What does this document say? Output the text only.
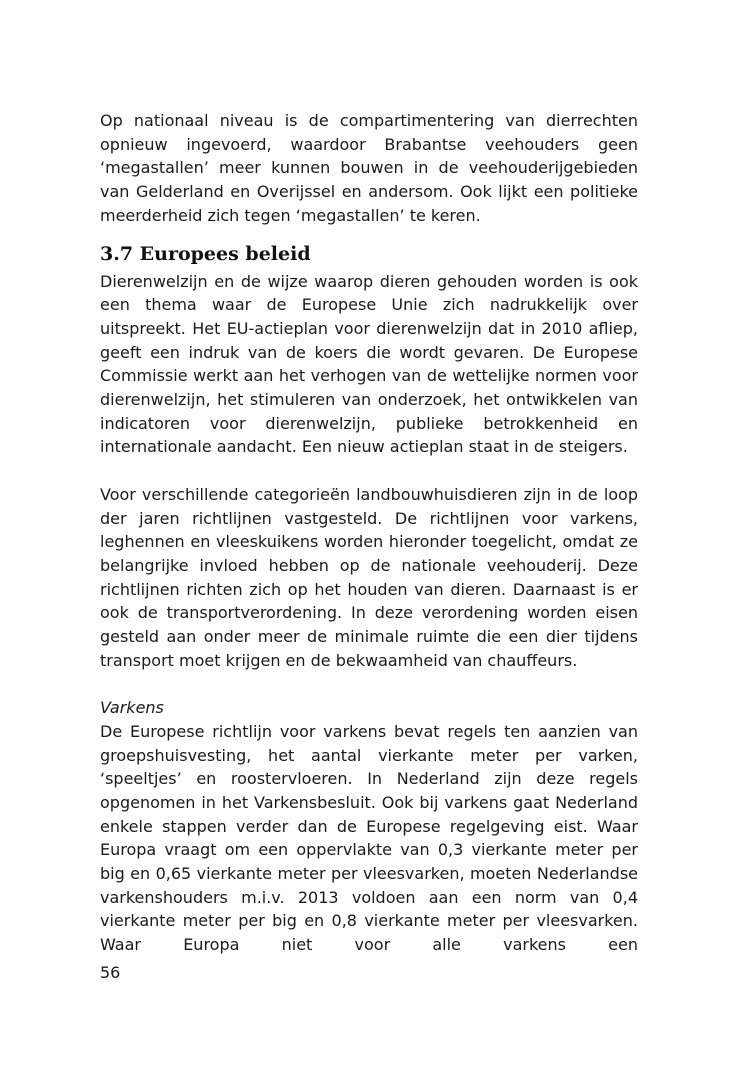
Op nationaal niveau is de compartimentering van dierrechten opnieuw ingevoerd, waardoor Brabantse veehouders geen ‘megastallen’ meer kunnen bouwen in de veehouderijgebieden van Gelderland en Overijssel en andersom. Ook lijkt een politieke meerderheid zich tegen ‘megastallen’ te keren.

3.7 Europees beleid

Dierenwelzijn en de wijze waarop dieren gehouden worden is ook een thema waar de Europese Unie zich nadrukkelijk over uitspreekt. Het EU-actieplan voor dierenwelzijn dat in 2010 afliep, geeft een indruk van de koers die wordt gevaren. De Europese Commissie werkt aan het verhogen van de wettelijke normen voor dierenwelzijn, het stimuleren van onderzoek, het ontwikkelen van indicatoren voor dierenwelzijn, publieke betrokkenheid en internationale aandacht. Een nieuw actieplan staat in de steigers.

Voor verschillende categorieën landbouwhuisdieren zijn in de loop der jaren richtlijnen vastgesteld. De richtlijnen voor varkens, leghennen en vleeskuikens worden hieronder toegelicht, omdat ze belangrijke invloed hebben op de nationale veehouderij. Deze richtlijnen richten zich op het houden van dieren. Daarnaast is er ook de transportverordening. In deze verordening worden eisen gesteld aan onder meer de minimale ruimte die een dier tijdens transport moet krijgen en de bekwaamheid van chauffeurs.

Varkens

De Europese richtlijn voor varkens bevat regels ten aanzien van groepshuisvesting, het aantal vierkante meter per varken, ‘speeltjes’ en roostervloeren. In Nederland zijn deze regels opgenomen in het Varkensbesluit. Ook bij varkens gaat Nederland enkele stappen verder dan de Europese regelgeving eist. Waar Europa vraagt om een oppervlakte van 0,3 vierkante meter per big en 0,65 vierkante meter per vleesvarken, moeten Nederlandse varkenshouders m.i.v. 2013 voldoen aan een norm van 0,4 vierkante meter per big en 0,8 vierkante meter per vleesvarken. Waar Europa niet voor alle varkens een

56
